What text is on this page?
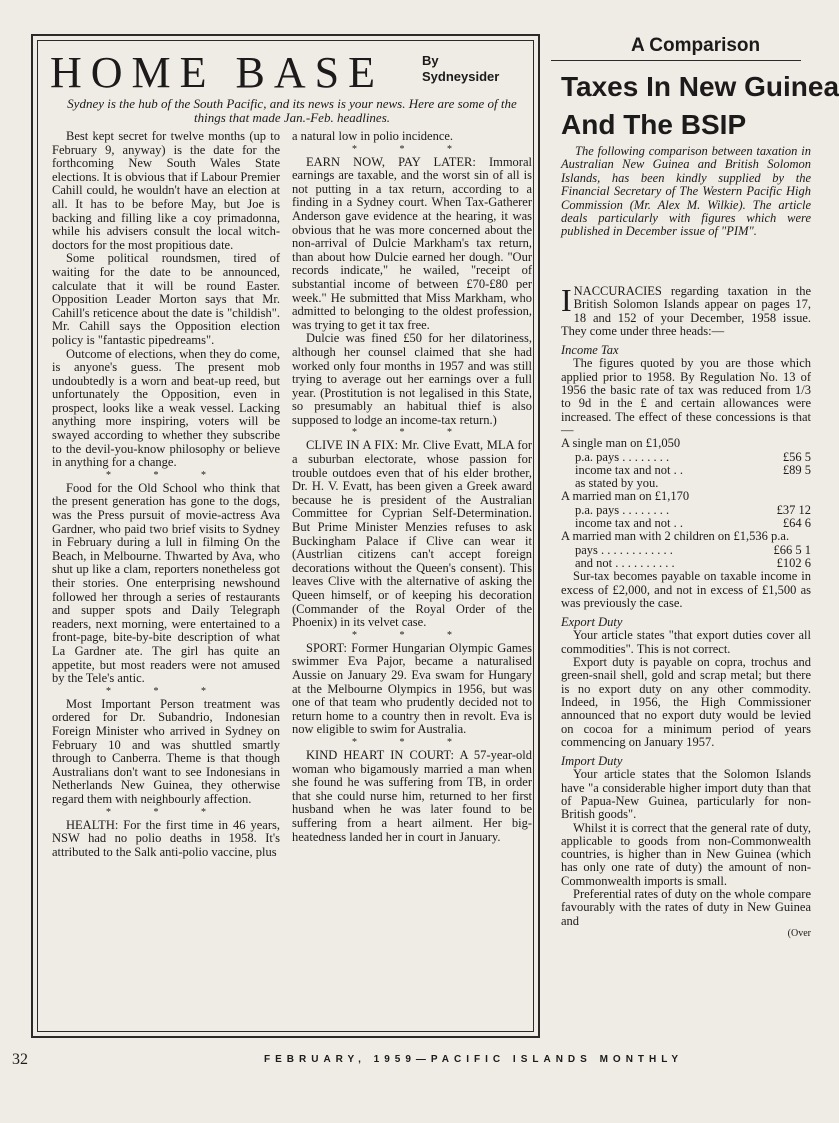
HOME BASE	By
Sydneysider
Sydney is the hub of the South Pacific, and its news is your news. Here are some of the things that made Jan.-Feb. headlines.

Best kept secret for twelve months (up to February 9, anyway) is the date for the forthcoming New South Wales State elections. It is obvious that if Labour Premier Cahill could, he wouldn't have an election at all. It has to be before May, but Joe is backing and filling like a coy primadonna, while his advisers consult the local witch-doctors for the most propitious date.

Some political roundsmen, tired of waiting for the date to be announced, calculate that it will be round Easter. Opposition Leader Morton says that Mr. Cahill's reticence about the date is "childish". Mr. Cahill says the Opposition election policy is "fantastic pipedreams".

Outcome of elections, when they do come, is anyone's guess. The present mob undoubtedly is a worn and beat-up reed, but unfortunately the Opposition, even in prospect, looks like a weak vessel. Lacking anything more inspiring, voters will be swayed according to whether they subscribe to the devil-you-know philosophy or believe in anything for a change.

* * *

Food for the Old School who think that the present generation has gone to the dogs, was the Press pursuit of movie-actress Ava Gardner, who paid two brief visits to Sydney in February during a lull in filming On the Beach, in Melbourne. Thwarted by Ava, who shut up like a clam, reporters nonetheless got their stories. One enterprising newshound followed her through a series of restaurants and supper spots and Daily Telegraph readers, next morning, were entertained to a front-page, bite-by-bite description of what La Gardner ate. The girl has quite an appetite, but most readers were not amused by the Tele's antic.

* * *

Most Important Person treatment was ordered for Dr. Subandrio, Indonesian Foreign Minister who arrived in Sydney on February 10 and was shuttled smartly through to Canberra. Theme is that though Australians don't want to see Indonesians in Netherlands New Guinea, they otherwise regard them with neighbourly affection.

* * *

HEALTH: For the first time in 46 years, NSW had no polio deaths in 1958. It's attributed to the Salk anti-polio vaccine, plus

a natural low in polio incidence.

* * *

EARN NOW, PAY LATER: Immoral earnings are taxable, and the worst sin of all is not putting in a tax return, according to a finding in a Sydney court. When Tax-Gatherer Anderson gave evidence at the hearing, it was obvious that he was more concerned about the non-arrival of Dulcie Markham's tax return, than about how Dulcie earned her dough. "Our records indicate," he wailed, "receipt of substantial income of between £70-£80 per week." He submitted that Miss Markham, who admitted to belonging to the oldest profession, was trying to get it tax free.

Dulcie was fined £50 for her dilatoriness, although her counsel claimed that she had worked only four months in 1957 and was still trying to average out her earnings over a full year. (Prostitution is not legalised in this State, so presumably an habitual thief is also supposed to lodge an income-tax return.)

* * *

CLIVE IN A FIX: Mr. Clive Evatt, MLA for a suburban electorate, whose passion for trouble outdoes even that of his elder brother, Dr. H. V. Evatt, has been given a Greek award because he is president of the Australian Committee for Cyprian Self-Determination. But Prime Minister Menzies refuses to ask Buckingham Palace if Clive can wear it (Austrlian citizens can't accept foreign decorations without the Queen's consent). This leaves Clive with the alternative of asking the Queen himself, or of keeping his decoration (Commander of the Royal Order of the Phoenix) in its velvet case.

* * *

SPORT: Former Hungarian Olympic Games swimmer Eva Pajor, became a naturalised Aussie on January 29. Eva swam for Hungary at the Melbourne Olympics in 1956, but was one of that team who prudently decided not to return home to a country then in revolt. Eva is now eligible to swim for Australia.

* * *

KIND HEART IN COURT: A 57-year-old woman who bigamously married a man when she found he was suffering from TB, in order that she could nurse him, returned to her first husband when he was later found to be suffering from a heart ailment. Her big-heatedness landed her in court in January.

A Comparison
Taxes In New Guinea
And The BSIP

The following comparison between taxation in Australian New Guinea and British Solomon Islands, has been kindly supplied by the Financial Secretary of The Western Pacific High Commission (Mr. Alex M. Wilkie). The article deals particularly with figures which were published in December issue of "PIM".

INACCURACIES regarding taxation in the British Solomon Islands appear on pages 17, 18 and 152 of your December, 1958 issue. They come under three heads:—

Income Tax

The figures quoted by you are those which applied prior to 1958. By Regulation No. 13 of 1956 the basic rate of tax was reduced from 1/3 to 9d in the £ and certain allowances were increased. The effect of these concessions is that—

A single man on £1,050

p.a. pays . . . . . . . .	£56 5
income tax and not . .	£89 5
as stated by you.

A married man on £1,170

p.a. pays . . . . . . . .	£37 12
income tax and not . .	£64 6

A married man with 2 children on £1,536 p.a.

pays . . . . . . . . . . . .	£66 5 1
and not . . . . . . . . . .	£102 6

Sur-tax becomes payable on taxable income in excess of £2,000, and not in excess of £1,500 as was previously the case.

Export Duty

Your article states "that export duties cover all commodities". This is not correct.

Export duty is payable on copra, trochus and green-snail shell, gold and scrap metal; but there is no export duty on any other commodity. Indeed, in 1956, the High Commissioner announced that no export duty would be levied on cocoa for a minimum period of years commencing on January 1957.

Import Duty

Your article states that the Solomon Islands have "a considerable higher import duty than that of Papua-New Guinea, particularly for non-British goods".

Whilst it is correct that the general rate of duty, applicable to goods from non-Commonwealth countries, is higher than in New Guinea (which has only one rate of duty) the amount of non-Commonwealth imports is small.

Preferential rates of duty on the whole compare favourably with the rates of duty in New Guinea and

(Over
32	FEBRUARY, 1959—PACIFIC ISLANDS MONTHLY
